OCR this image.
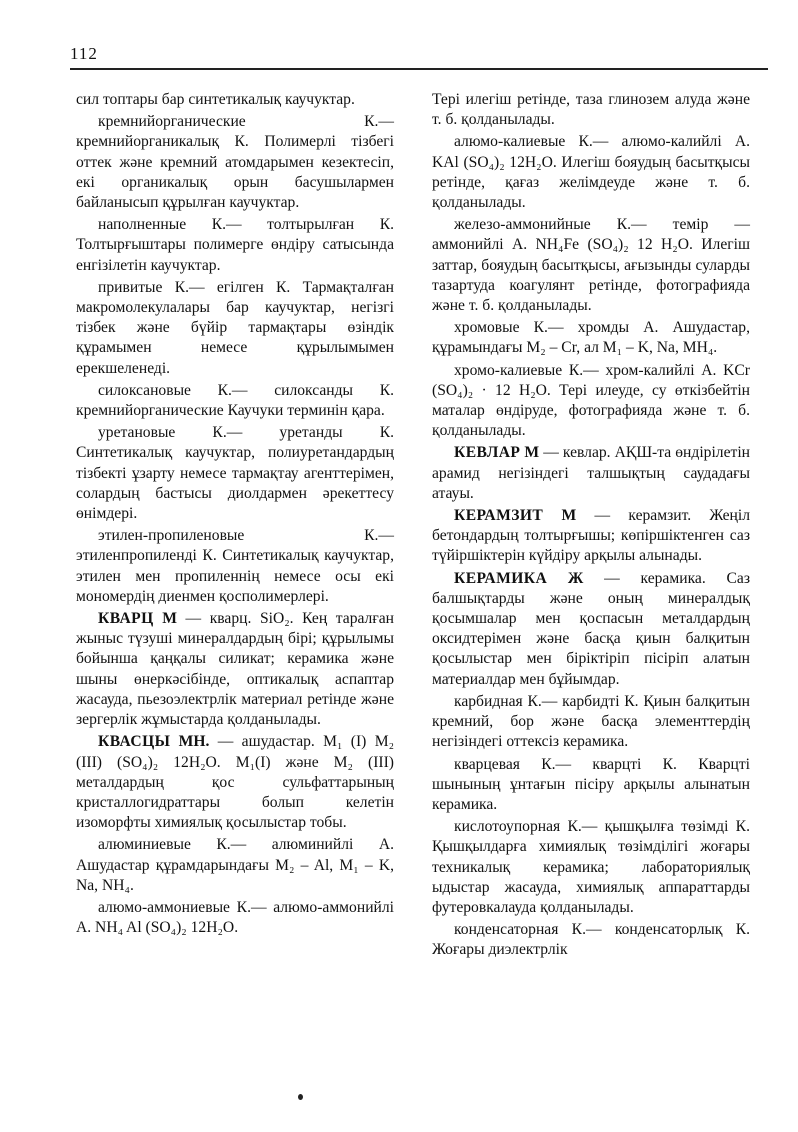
112

сил топтары бар синтетикалық каучуктар.

кремнийорганические К.— кремнийорганикалық К. Полимерлі тізбегі оттек және кремний атомдарымен кезектесіп, екі органикалық орын басушылармен байланысып құрылған каучуктар.

наполненные К.— толтырылған К. Толтырғыштары полимерге өндіру сатысында енгізілетін каучуктар.

привитые К.— егілген К. Тармақталған макромолекулалары бар каучуктар, негізгі тізбек және бүйір тармақтары өзіндік құрамымен немесе құрылымымен ерекшеленеді.

силоксановые К.— силоксанды К. кремнийорганические Каучуки терминін қара.

уретановые К.— уретанды К. Синтетикалық каучуктар, полиуретандардың тізбекті ұзарту немесе тармақтау агенттерімен, солардың бастысы диолдармен әрекеттесу өнімдері.

этилен-пропиленовые К.— этиленпропиленді К. Синтетикалық каучуктар, этилен мен пропиленнің немесе осы екі мономердің диенмен қосполимерлері.

КВАРЦ М — кварц. SiO₂. Кең таралған жыныс түзуші минералдардың бірі; құрылымы бойынша қаңқалы силикат; керамика және шыны өнеркәсібінде, оптикалық аспаптар жасауда, пьезоэлектрлік материал ретінде және зергерлік жұмыстарда қолданылады.

КВАСЦЫ МН. — ашудастар. M₁ (I) M₂ (III) (SO₄)₂ 12H₂O. M₁(I) және M₂ (III) металдардың қос сульфаттарының кристаллогидраттары болып келетін изоморфты химиялық қосылыстар тобы.

алюминиевые К.— алюминийлі А. Ашудастар құрамдарындағы M₂ – Al, M₁ – K, Na, NH₄.

алюмо-аммониевые К.— алюмо-аммонийлі А. NH₄ Al (SO₄)₂ 12H₂O.

Тері илегіш ретінде, таза глинозем алуда және т. б. қолданылады.

алюмо-калиевые К.— алюмо-калийлі А. KAl (SO₄)₂ 12H₂O. Илегіш бояудың басытқысы ретінде, қағаз желімдеуде және т. б. қолданылады.

железо-аммонийные К.— темір — аммонийлі А. NH₄Fe (SO₄)₂ 12 H₂O. Илегіш заттар, бояудың басытқысы, ағызынды суларды тазартуда коагулянт ретінде, фотографияда және т. б. қолданылады.

хромовые К.— хромды А. Ашудастар, құрамындағы M₂ – Cr, ал M₁ – K, Na, MH₄.

хромо-калиевые К.— хром-калийлі А. KCr (SO₄)₂ · 12 H₂O. Тері илеуде, су өткізбейтін маталар өндіруде, фотографияда және т. б. қолданылады.

КЕВЛАР М — кевлар. АҚШ-та өндірілетін арамид негізіндегі талшықтың саудадағы атауы.

КЕРАМЗИТ М — керамзит. Жеңіл бетондардың толтырғышы; көпіршіктенген саз түйіршіктерін күйдіру арқылы алынады.

КЕРАМИКА Ж — керамика. Саз балшықтарды және оның минералдық қосымшалар мен қоспасын металдардың оксидтерімен және басқа қиын балқитын қосылыстар мен біріктіріп пісіріп алатын материалдар мен бұйымдар.

карбидная К.— карбидті К. Қиын балқитын кремний, бор және басқа элементтердің негізіндегі оттексіз керамика.

кварцевая К.— кварцті К. Кварцті шынының ұнтағын пісіру арқылы алынатын керамика.

кислотоупорная К.— қышқылға төзімді К. Қышқылдарға химиялық төзімділігі жоғары техникалық керамика; лабораториялық ыдыстар жасауда, химиялық аппараттарды футеровкалауда қолданылады.

конденсаторная К.— конденсаторлық К. Жоғары диэлектрлік
